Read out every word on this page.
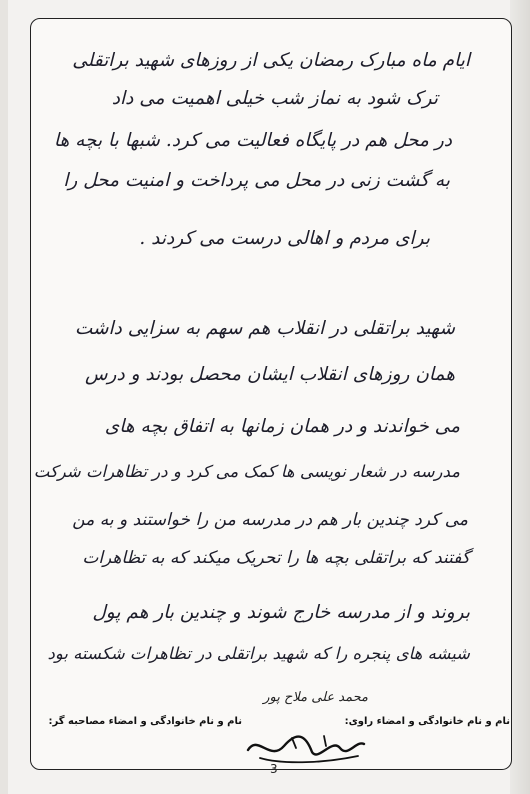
ایام ماه مبارک رمضان یکی از روزهای شهید براتقلی
ترک شود به نماز شب خیلی اهمیت می داد
در محل هم در پایگاه فعالیت می کرد. شبها با بچه ها
به گشت زنی در محل می پرداخت و امنیت محل را
برای مردم و اهالی درست می کردند .
شهید براتقلی در انقلاب هم سهم به سزایی داشت
همان روزهای انقلاب ایشان محصل بودند و درس
می خواندند و در همان زمانها به اتفاق بچه های
مدرسه در شعار نویسی ها کمک می کرد و در تظاهرات شرکت
می کرد چندین بار هم در مدرسه من را خواستند و به من
گفتند که براتقلی بچه ها را تحریک میکند که به تظاهرات
بروند و از مدرسه خارج شوند و چندین بار هم پول
شیشه های پنجره را که شهید براتقلی در تظاهرات شکسته بود
محمد علی ملاح پور
نام و نام خانوادگی و امضاء راوی:
نام و نام خانوادگی و امضاء مصاحبه گر:
3
